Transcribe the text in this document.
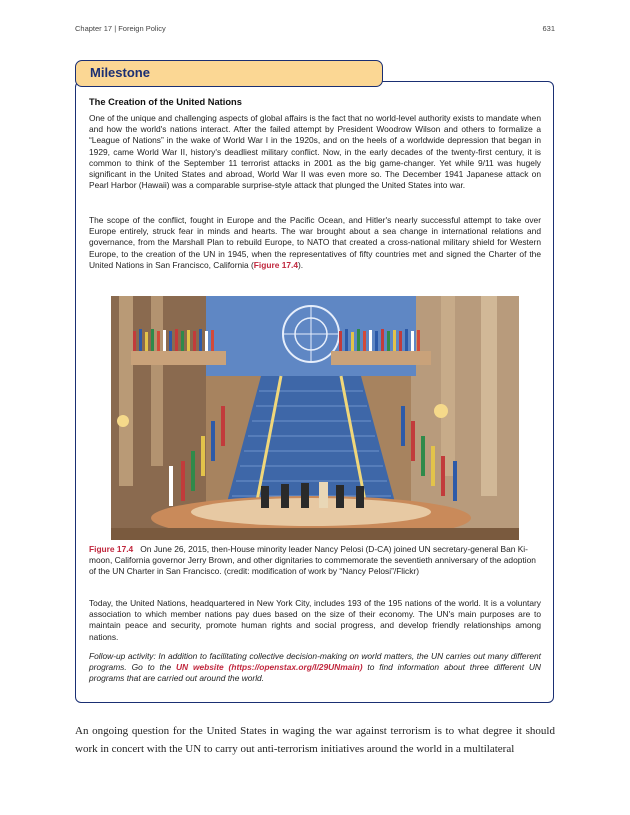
Chapter 17 | Foreign Policy	631
Milestone
The Creation of the United Nations

One of the unique and challenging aspects of global affairs is the fact that no world-level authority exists to mandate when and how the world's nations interact. After the failed attempt by President Woodrow Wilson and others to formalize a “League of Nations” in the wake of World War I in the 1920s, and on the heels of a worldwide depression that began in 1929, came World War II, history's deadliest military conflict. Now, in the early decades of the twenty-first century, it is common to think of the September 11 terrorist attacks in 2001 as the big game-changer. Yet while 9/11 was hugely significant in the United States and abroad, World War II was even more so. The December 1941 Japanese attack on Pearl Harbor (Hawaii) was a comparable surprise-style attack that plunged the United States into war.

The scope of the conflict, fought in Europe and the Pacific Ocean, and Hitler's nearly successful attempt to take over Europe entirely, struck fear in minds and hearts. The war brought about a sea change in international relations and governance, from the Marshall Plan to rebuild Europe, to NATO that created a cross-national military shield for Western Europe, to the creation of the UN in 1945, when the representatives of fifty countries met and signed the Charter of the United Nations in San Francisco, California (Figure 17.4).

Figure 17.4 On June 26, 2015, then-House minority leader Nancy Pelosi (D-CA) joined UN secretary-general Ban Ki-moon, California governor Jerry Brown, and other dignitaries to commemorate the seventieth anniversary of the adoption of the UN Charter in San Francisco. (credit: modification of work by “Nancy Pelosi”/Flickr)

Today, the United Nations, headquartered in New York City, includes 193 of the 195 nations of the world. It is a voluntary association to which member nations pay dues based on the size of their economy. The UN's main purposes are to maintain peace and security, promote human rights and social progress, and develop friendly relationships among nations.

Follow-up activity: In addition to facilitating collective decision-making on world matters, the UN carries out many different programs. Go to the UN website (https://openstax.org/l/29UNmain) to find information about three different UN programs that are carried out around the world.

An ongoing question for the United States in waging the war against terrorism is to what degree it should work in concert with the UN to carry out anti-terrorism initiatives around the world in a multilateral
